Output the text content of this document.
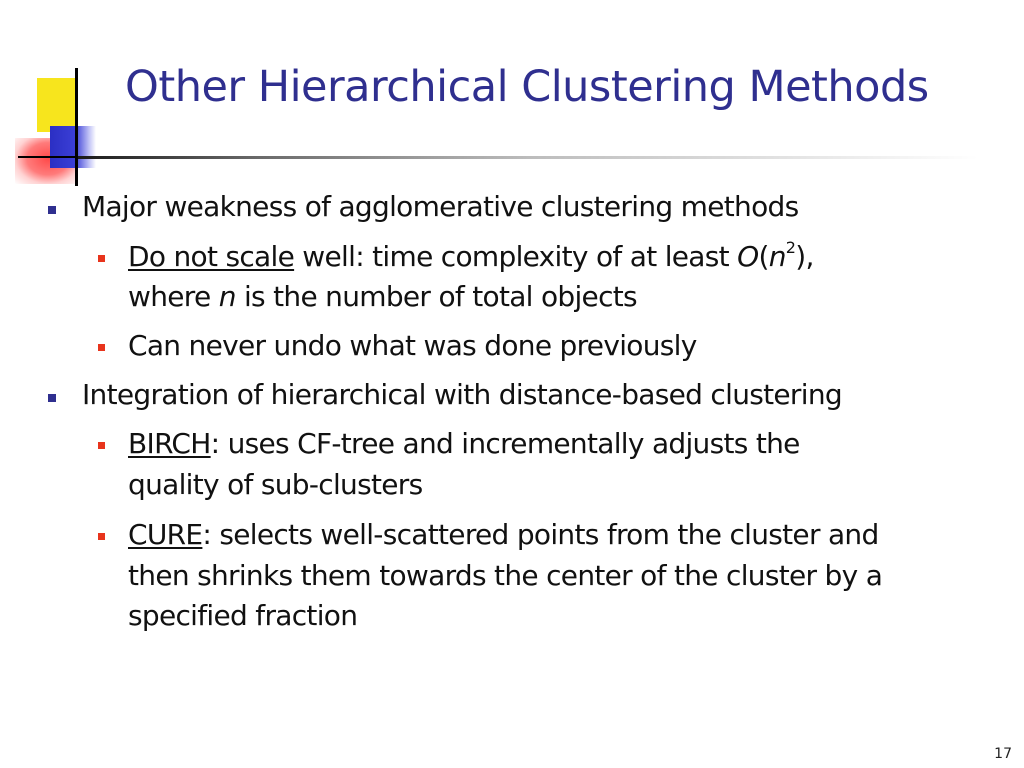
Other Hierarchical Clustering Methods
Major weakness of agglomerative clustering methods
Do not scale well: time complexity of at least $O(n^2)$,
where n is the number of total objects
Can never undo what was done previously
Integration of hierarchical with distance-based clustering
BIRCH: uses CF-tree and incrementally adjusts the
quality of sub-clusters
CURE: selects well-scattered points from the cluster and
then shrinks them towards the center of the cluster by a
specified fraction
17
